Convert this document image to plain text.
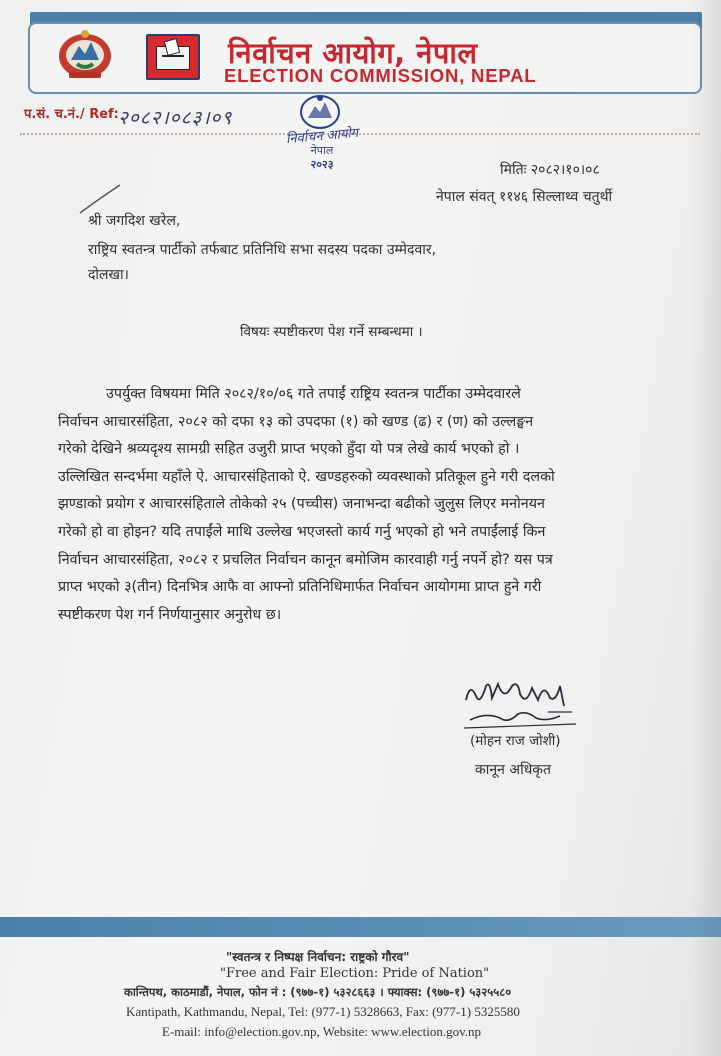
निर्वाचन आयोग, नेपाल
ELECTION COMMISSION, NEPAL
प.सं. च.नं./ Ref: २०८२।०८३।०९
निर्वाचन आयोग
नेपाल
२०२३	मितिः २०८२।१०।०८
नेपाल संवत् ११४६ सिल्लाथ्व चतुर्थी
श्री जगदिश खरेल,
राष्ट्रिय स्वतन्त्र पार्टीको तर्फबाट प्रतिनिधि सभा सदस्य पदका उम्मेदवार,
दोलखा।
विषयः स्पष्टीकरण पेश गर्ने सम्बन्धमा ।
उपर्युक्त विषयमा मिति २०८२/१०/०६ गते तपाईं राष्ट्रिय स्वतन्त्र पार्टीका उम्मेदवारले
निर्वाचन आचारसंहिता, २०८२ को दफा १३ को उपदफा (१) को खण्ड (ढ) र (ण) को उल्लङ्घन
गरेको देखिने श्रव्यदृश्य सामग्री सहित उजुरी प्राप्त भएको हुँदा यो पत्र लेखे कार्य भएको हो ।
उल्लिखित सन्दर्भमा यहाँले ऐ. आचारसंहिताको ऐ. खण्डहरुको व्यवस्थाको प्रतिकूल हुने गरी दलको
झण्डाको प्रयोग र आचारसंहिताले तोकेको २५ (पच्चीस) जनाभन्दा बढीको जुलुस लिएर मनोनयन
गरेको हो वा होइन? यदि तपाईंले माथि उल्लेख भएजस्तो कार्य गर्नु भएको हो भने तपाईंलाई किन
निर्वाचन आचारसंहिता, २०८२ र प्रचलित निर्वाचन कानून बमोजिम कारवाही गर्नु नपर्ने हो? यस पत्र
प्राप्त भएको ३(तीन) दिनभित्र आफै वा आफ्नो प्रतिनिधिमार्फत निर्वाचन आयोगमा प्राप्त हुने गरी
स्पष्टीकरण पेश गर्न निर्णयानुसार अनुरोध छ।
(मोहन राज जोशी)
कानून अधिकृत
"स्वतन्त्र र निष्पक्ष निर्वाचन: राष्ट्रको गौरव"
"Free and Fair Election: Pride of Nation"
कान्तिपथ, काठमाडौं, नेपाल, फोन नं : (९७७-१) ५३२८६६३ । फ्याक्स: (९७७-१) ५३२५५८०
Kantipath, Kathmandu, Nepal, Tel: (977-1) 5328663, Fax: (977-1) 5325580
E-mail: info@election.gov.np, Website: www.election.gov.np
